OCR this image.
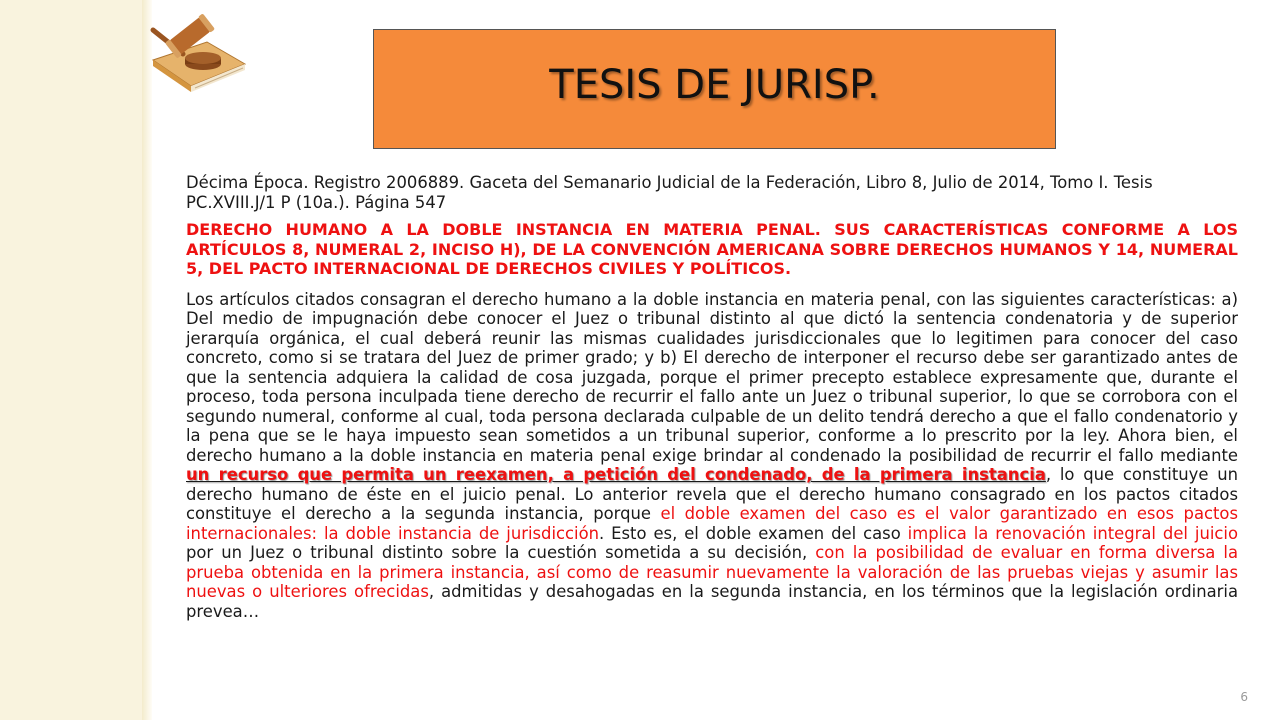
TESIS DE JURISP.

Décima Época. Registro 2006889. Gaceta del Semanario Judicial de la Federación, Libro 8, Julio de 2014, Tomo I. Tesis PC.XVIII.J/1 P (10a.). Página 547

DERECHO HUMANO A LA DOBLE INSTANCIA EN MATERIA PENAL. SUS CARACTERÍSTICAS CONFORME A LOS ARTÍCULOS 8, NUMERAL 2, INCISO H), DE LA CONVENCIÓN AMERICANA SOBRE DERECHOS HUMANOS Y 14, NUMERAL 5, DEL PACTO INTERNACIONAL DE DERECHOS CIVILES Y POLÍTICOS.

Los artículos citados consagran el derecho humano a la doble instancia en materia penal, con las siguientes características: a) Del medio de impugnación debe conocer el Juez o tribunal distinto al que dictó la sentencia condenatoria y de superior jerarquía orgánica, el cual deberá reunir las mismas cualidades jurisdiccionales que lo legitimen para conocer del caso concreto, como si se tratara del Juez de primer grado; y b) El derecho de interponer el recurso debe ser garantizado antes de que la sentencia adquiera la calidad de cosa juzgada, porque el primer precepto establece expresamente que, durante el proceso, toda persona inculpada tiene derecho de recurrir el fallo ante un Juez o tribunal superior, lo que se corrobora con el segundo numeral, conforme al cual, toda persona declarada culpable de un delito tendrá derecho a que el fallo condenatorio y la pena que se le haya impuesto sean sometidos a un tribunal superior, conforme a lo prescrito por la ley. Ahora bien, el derecho humano a la doble instancia en materia penal exige brindar al condenado la posibilidad de recurrir el fallo mediante un recurso que permita un reexamen, a petición del condenado, de la primera instancia, lo que constituye un derecho humano de éste en el juicio penal. Lo anterior revela que el derecho humano consagrado en los pactos citados constituye el derecho a la segunda instancia, porque el doble examen del caso es el valor garantizado en esos pactos internacionales: la doble instancia de jurisdicción. Esto es, el doble examen del caso implica la renovación integral del juicio por un Juez o tribunal distinto sobre la cuestión sometida a su decisión, con la posibilidad de evaluar en forma diversa la prueba obtenida en la primera instancia, así como de reasumir nuevamente la valoración de las pruebas viejas y asumir las nuevas o ulteriores ofrecidas, admitidas y desahogadas en la segunda instancia, en los términos que la legislación ordinaria prevea…

6
